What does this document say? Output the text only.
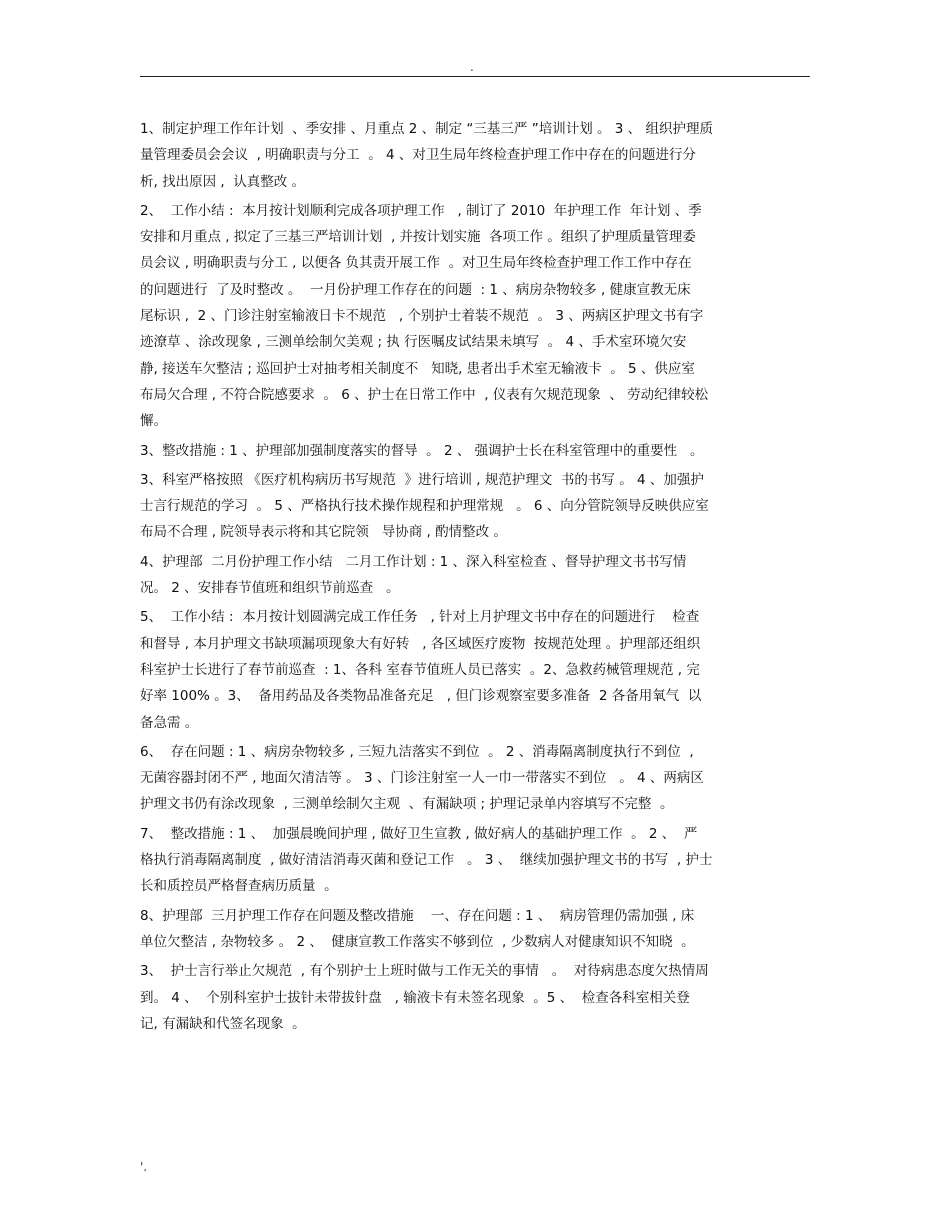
.
1、制定护理工作年计划  、季安排 、月重点 2 、制定 “三基三严 ”培训计划 。 3 、 组织护理质
量管理委员会会议  , 明确职责与分工  。 4 、对卫生局年终检查护理工作中存在的问题进行分
析, 找出原因 ,  认真整改 。
2、  工作小结 :  本月按计划顺利完成各项护理工作   , 制订了 2010  年护理工作  年计划 、季
安排和月重点 , 拟定了三基三严培训计划  , 并按计划实施  各项工作 。组织了护理质量管理委
员会议 , 明确职责与分工 , 以便各 负其责开展工作  。对卫生局年终检查护理工作工作中存在
的问题进行  了及时整改 。  一月份护理工作存在的问题  : 1 、病房杂物较多 , 健康宣教无床
尾标识 ,  2 、门诊注射室输液日卡不规范   , 个别护士着装不规范  。 3 、两病区护理文书有字
迹潦草 、涂改现象 , 三测单绘制欠美观 ; 执 行医嘱皮试结果未填写  。 4 、手术室环境欠安
静, 接送车欠整洁 ; 巡回护士对抽考相关制度不   知晓, 患者出手术室无输液卡  。 5 、供应室
布局欠合理 , 不符合院感要求  。 6 、护士在日常工作中  , 仪表有欠规范现象  、 劳动纪律较松
懈。
3、整改措施 : 1 、护理部加强制度落实的督导  。 2 、 强调护士长在科室管理中的重要性   。
3、科室严格按照 《医疗机构病历书写规范  》进行培训 , 规范护理文  书的书写 。 4 、加强护
士言行规范的学习  。 5 、严格执行技术操作规程和护理常规   。 6 、向分管院领导反映供应室
布局不合理 , 院领导表示将和其它院领   导协商 , 酌情整改 。
4、护理部  二月份护理工作小结   二月工作计划 : 1 、深入科室检查 、督导护理文书书写情
况。 2 、安排春节值班和组织节前巡查   。
5、  工作小结 :  本月按计划圆满完成工作任务   , 针对上月护理文书中存在的问题进行    检查
和督导 , 本月护理文书缺项漏项现象大有好转   , 各区域医疗废物  按规范处理 。护理部还组织
科室护士长进行了春节前巡查  : 1、各科 室春节值班人员已落实  。2、急救药械管理规范 , 完
好率 100% 。3、  备用药品及各类物品准备充足   , 但门诊观察室要多准备  2 各备用氧气  以
备急需 。
6、  存在问题 : 1 、病房杂物较多 , 三短九洁落实不到位  。 2 、消毒隔离制度执行不到位  ,
无菌容器封闭不严 , 地面欠清洁等 。 3 、门诊注射室一人一巾一带落实不到位   。 4 、两病区
护理文书仍有涂改现象  , 三测单绘制欠主观  、有漏缺项 ; 护理记录单内容填写不完整  。
7、  整改措施 : 1 、  加强晨晚间护理 , 做好卫生宣教 , 做好病人的基础护理工作  。 2 、  严
格执行消毒隔离制度  , 做好清洁消毒灭菌和登记工作   。 3 、  继续加强护理文书的书写  , 护士
长和质控员严格督查病历质量  。
8、护理部  三月护理工作存在问题及整改措施    一、存在问题 : 1 、  病房管理仍需加强 , 床
单位欠整洁 , 杂物较多 。 2 、  健康宣教工作落实不够到位  , 少数病人对健康知识不知晓  。
3、  护士言行举止欠规范  , 有个别护士上班时做与工作无关的事情   。  对待病患态度欠热情周
到。 4 、  个别科室护士拔针未带拔针盘   , 输液卡有未签名现象  。5 、  检查各科室相关登
记, 有漏缺和代签名现象  。
'.
